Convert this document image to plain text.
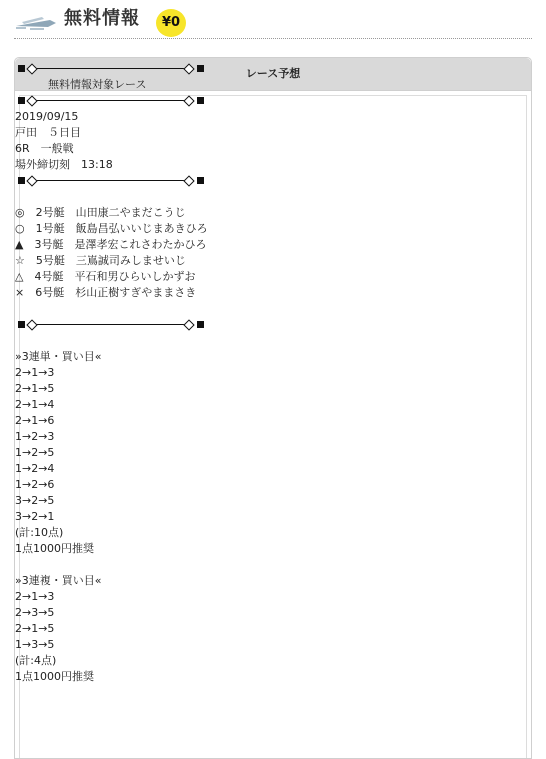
無料情報	¥0
レース予想
無料情報対象レース
2019/09/15
戸田　５日目
6R　一般戦
場外締切刻　13:18
◎　2号艇　山田康二やまだこうじ
○　1号艇　飯島昌弘いいじまあきひろ
▲　3号艇　是澤孝宏これさわたかひろ
☆　5号艇　三嶌誠司みしませいじ
△　4号艇　平石和男ひらいしかずお
×　6号艇　杉山正樹すぎやままさき
»3連単・買い目«
2→1→3
2→1→5
2→1→4
2→1→6
1→2→3
1→2→5
1→2→4
1→2→6
3→2→5
3→2→1
(計:10点)
1点1000円推奨
»3連複・買い目«
2→1→3
2→3→5
2→1→5
1→3→5
(計:4点)
1点1000円推奨
